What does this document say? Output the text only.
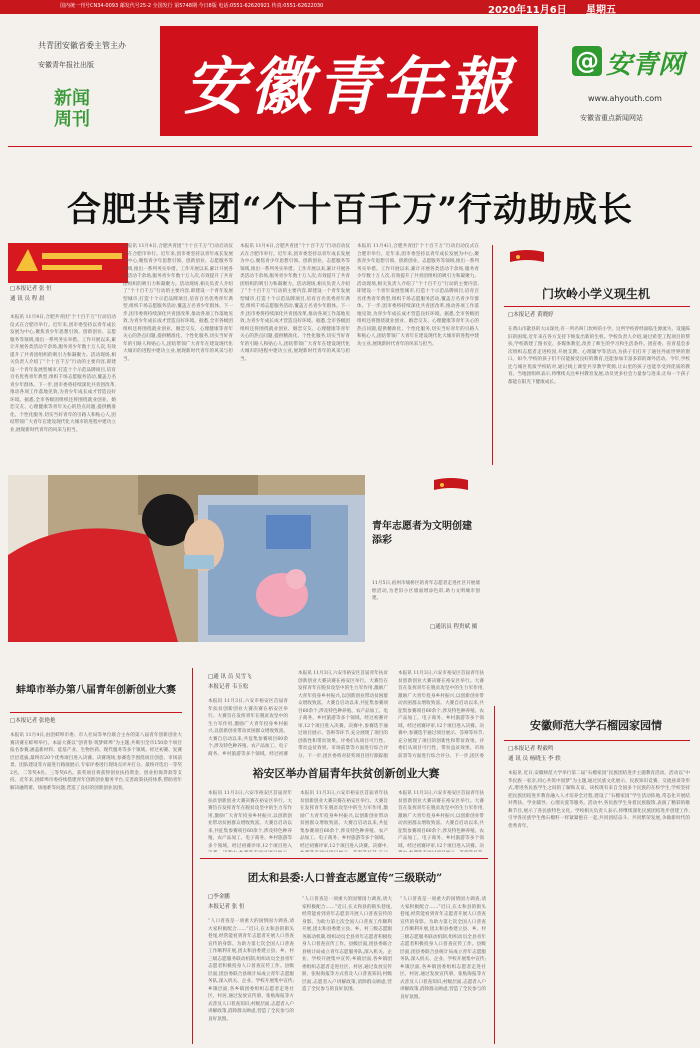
国内统一刊号CN34-0093 邮发代号25-2 全国发行 第5748期 今日8版 电话:0551-62620921 传真:0551-62622030	2020年11月6日 星期五
共青团安徽省委主管主办
安徽青年报社出版
新闻周刊 安徽青年報	@ 安青网
www.ahyouth.com
安徽省重点新闻网站
合肥共青团“个十百千万”行动助成长
□本报记者 张 恒
通 讯 员 程 晨
本报讯 11月4日,合肥共青团“个十百千万”行动启动仪式在合肥市举行。近年来,团市委坚持以青年成长发展为中心,聚焦青少年思想引领、创新创业、志愿服务等领域,推出一系列务实举措。工作开展以来,累计开展各类活动千余场,服务青少年数十万人次,有效提升了共青团组织的吸引力和凝聚力。活动现场,相关负责人介绍了“个十百千万”行动的主要内容,即建设一个青年发展型城市,打造十个示范品牌项目,培育百名优秀青年典型,组织千场志愿服务活动,覆盖万名青少年群体。下一步,团市委将持续深化共青团改革,推动各项工作落地见效,为青少年成长成才营造良好环境。据悉,全市各级团组织还将围绕就业创业、婚恋交友、心理健康等青年关心的热点问题,提供精准化、个性化服务,切实当好青年的引路人和贴心人,团结带领广大青年在建设现代化大城市的进程中建功立业,展现新时代青年的风采与担当。
本报讯 11月4日,合肥共青团“个十百千万”行动启动仪式在合肥市举行。近年来,团市委坚持以青年成长发展为中心,聚焦青少年思想引领、创新创业、志愿服务等领域,推出一系列务实举措。工作开展以来,累计开展各类活动千余场,服务青少年数十万人次,有效提升了共青团组织的吸引力和凝聚力。活动现场,相关负责人介绍了“个十百千万”行动的主要内容,即建设一个青年发展型城市,打造十个示范品牌项目,培育百名优秀青年典型,组织千场志愿服务活动,覆盖万名青少年群体。下一步,团市委将持续深化共青团改革,推动各项工作落地见效,为青少年成长成才营造良好环境。据悉,全市各级团组织还将围绕就业创业、婚恋交友、心理健康等青年关心的热点问题,提供精准化、个性化服务,切实当好青年的引路人和贴心人,团结带领广大青年在建设现代化大城市的进程中建功立业,展现新时代青年的风采与担当。
本报讯 11月4日,合肥共青团“个十百千万”行动启动仪式在合肥市举行。近年来,团市委坚持以青年成长发展为中心,聚焦青少年思想引领、创新创业、志愿服务等领域,推出一系列务实举措。工作开展以来,累计开展各类活动千余场,服务青少年数十万人次,有效提升了共青团组织的吸引力和凝聚力。活动现场,相关负责人介绍了“个十百千万”行动的主要内容,即建设一个青年发展型城市,打造十个示范品牌项目,培育百名优秀青年典型,组织千场志愿服务活动,覆盖万名青少年群体。下一步,团市委将持续深化共青团改革,推动各项工作落地见效,为青少年成长成才营造良好环境。据悉,全市各级团组织还将围绕就业创业、婚恋交友、心理健康等青年关心的热点问题,提供精准化、个性化服务,切实当好青年的引路人和贴心人,团结带领广大青年在建设现代化大城市的进程中建功立业,展现新时代青年的风采与担当。
本报讯 11月4日,合肥共青团“个十百千万”行动启动仪式在合肥市举行。近年来,团市委坚持以青年成长发展为中心,聚焦青少年思想引领、创新创业、志愿服务等领域,推出一系列务实举措。工作开展以来,累计开展各类活动千余场,服务青少年数十万人次,有效提升了共青团组织的吸引力和凝聚力。活动现场,相关负责人介绍了“个十百千万”行动的主要内容,即建设一个青年发展型城市,打造十个示范品牌项目,培育百名优秀青年典型,组织千场志愿服务活动,覆盖万名青少年群体。下一步,团市委将持续深化共青团改革,推动各项工作落地见效,为青少年成长成才营造良好环境。据悉,全市各级团组织还将围绕就业创业、婚恋交友、心理健康等青年关心的热点问题,提供精准化、个性化服务,切实当好青年的引路人和贴心人,团结带领广大青年在建设现代化大城市的进程中建功立业,展现新时代青年的风采与担当。
门坎岭小学义现生机
□本报记者 黄晓婷
在黄山市歙县的大山深处,有一所名叫门坎岭的小学。这所学校曾经面临生源流失、设施陈旧的困境,近年来在各方支持下焕发出新的生机。学校负责人介绍,通过希望工程项目的帮扶,学校新建了图书室、多媒体教室,改善了师生的学习和生活条件。团省委、省青基会多次组织志愿者走进校园,开展支教、心理辅导等活动,为孩子们打开了通往外面世界的窗口。如今,学校的孩子们不仅能接受良好的教育,还能参加丰富多彩的课外活动。今年,学校还与城区优质学校结对,通过线上课堂共享教学资源,让山里的孩子也能享受到优质的教育。当地团组织表示,将继续关注乡村教育发展,动员更多社会力量参与进来,让每一个孩子都能在阳光下健康成长。
青年志愿者为文明创建添彩
11月5日,宿州市埇桥区的青年志愿者走进社区开展墙绘活动,为老旧小区墙面增添色彩,助力文明城市创建。
□通讯员 程贵斌 摄
蚌埠市举办第八届青年创新创业大赛
□本报记者 张艳艳
本报讯 11月4日,由团蚌埠市委、市人社局等单位联合主办的第八届青年创新创业大赛决赛在蚌埠举行。本届大赛以“创青春·筑梦蚌埠”为主题,共吸引全市150余个项目报名参赛,涵盖新材料、硅基产业、生物医药、现代服务等多个领域。经过初赛、复赛层层选拔,最终有20个优秀项目进入决赛。决赛现场,参赛选手围绕项目创意、市场前景、团队建设等方面进行路演展示,专家评委进行现场点评并打分。最终评选出一等奖2名、二等奖4名、三等奖6名。获奖项目将获得创业扶持资金、创业担保贷款等支持。近年来,团蚌埠市委持续搭建青年创新创业服务平台,完善政策扶持体系,帮助青年解决融资难、场地难等问题,营造了良好的创新创业氛围。
□通 讯 员 吴雪飞
本报记者 韦玉松
本报讯 11月3日,六安市裕安区首届青年扶贫创新创业大赛决赛在裕安区举行。大赛旨在发挥青年在脱贫攻坚中的生力军作用,激励广大青年投身乡村振兴,以创新创业带动贫困群众增收致富。大赛自启动以来,共征集参赛项目60余个,涉及特色种养殖、农产品加工、电子商务、乡村旅游等多个领域。经过初赛
本报讯 11月3日,六安市裕安区首届青年扶贫创新创业大赛决赛在裕安区举行。大赛旨在发挥青年在脱贫攻坚中的生力军作用,激励广大青年投身乡村振兴,以创新创业带动贫困群众增收致富。大赛自启动以来,共征集参赛项目60余个,涉及特色种养殖、农产品加工、电子商务、乡村旅游等多个领域。经过初赛评审,12个项目进入决赛。决赛中,参赛选手通过项目展示、答辩等环节,充分展现了项目的创新性和带贫效果。评委们从项目可行性、带贫益贫效果、市场前景等方面进行综合评分。下一步,团区委将对获奖项目进行跟踪服
本报讯 11月3日,六安市裕安区首届青年扶贫创新创业大赛决赛在裕安区举行。大赛旨在发挥青年在脱贫攻坚中的生力军作用,激励广大青年投身乡村振兴,以创新创业带动贫困群众增收致富。大赛自启动以来,共征集参赛项目60余个,涉及特色种养殖、农产品加工、电子商务、乡村旅游等多个领域。经过初赛评审,12个项目进入决赛。决赛中,参赛选手通过项目展示、答辩等环节,充分展现了项目的创新性和带贫效果。评委们从项目可行性、带贫益贫效果、市场前景等方面进行综合评分。下一步,团区委
裕安区举办首届青年扶贫创新创业大赛
本报讯 11月3日,六安市裕安区首届青年扶贫创新创业大赛决赛在裕安区举行。大赛旨在发挥青年在脱贫攻坚中的生力军作用,激励广大青年投身乡村振兴,以创新创业带动贫困群众增收致富。大赛自启动以来,共征集参赛项目60余个,涉及特色种养殖、农产品加工、电子商务、乡村旅游等多个领域。经过初赛评审,12个项目进入
本报讯 11月3日,六安市裕安区首届青年扶贫创新创业大赛决赛在裕安区举行。大赛旨在发挥青年在脱贫攻坚中的生力军作用,激励广大青年投身乡村振兴,以创新创业带动贫困群众增收致富。大赛自启动以来,共征集参赛项目60余个,涉及特色种养殖、农产品加工、电子商务、乡村旅游等多个领域。经过初赛评审,12个项目进入决赛。决赛中,
本报讯 11月3日,六安市裕安区首届青年扶贫创新创业大赛决赛在裕安区举行。大赛旨在发挥青年在脱贫攻坚中的生力军作用,激励广大青年投身乡村振兴,以创新创业带动贫困群众增收致富。大赛自启动以来,共征集参赛项目60余个,涉及特色种养殖、农产品加工、电子商务、乡村旅游等多个领域。经过初赛评审,12个项目进入决赛。决
团太和县委:人口普查志愿宣传“三级联动”
□李金鹏
本报记者 张 恒
“人口普查是一项重大的国情国力调查,请大家积极配合……”近日,在太和县的街头巷尾,经常能看到青年志愿者开展人口普查宣传的身影。为助力第七次全国人口普查工作顺利开展,团太和县委建立县、乡、村三级志愿服务联动机制,组织动员全县青年志愿者积极投身人口普查宣传工作。县级层面,团县委联合县统计局成立青年志愿服务队,深入机关、企业、学校开展集中宣传;乡镇层面,各乡镇团委组织志愿者走进社区、村居,通过发放宣传册、张贴海报等方式普及人口普查知识;村级层面,志愿者入户讲解政策,消除群众顾虑,营造了全民参与的良好氛围。
“人口普查是一项重大的国情国力调查,请大家积极配合……”近日,在太和县的街头巷尾,经常能看到青年志愿者开展人口普查宣传的身影。为助力第七次全国人口普查工作顺利开展,团太和县委建立县、乡、村三级志愿服务联动机制,组织动员全县青年志愿者积极投身人口普查宣传工作。县级层面,团县委联合县统计局成立青年志愿服务队,深入机关、企业、学校开展集中宣传;乡镇层面,各乡镇团委组织志愿者走进社区、村居,通过发放宣传册、张贴海报等方式普及人口普查知识;村级层面,志愿者入户讲解政策,消除群众顾虑,营造了全民参与的良好氛围。
“人口普查是一项重大的国情国力调查,请大家积极配合……”近日,在太和县的街头巷尾,经常能看到青年志愿者开展人口普查宣传的身影。为助力第七次全国人口普查工作顺利开展,团太和县委建立县、乡、村三级志愿服务联动机制,组织动员全县青年志愿者积极投身人口普查宣传工作。县级层面,团县委联合县统计局成立青年志愿服务队,深入机关、企业、学校开展集中宣传;乡镇层面,各乡镇团委组织志愿者走进社区、村居,通过发放宣传册、张贴海报等方式普及人口普查知识;村级层面,志愿者入户讲解政策,消除群众顾虑,营造了全民参与的良好氛围。
安徽师范大学石榴园家园情
□本报记者 程毅鸣
通 讯 员 杨晓玉 李 轶
本报讯 近日,安徽师范大学举行第二届“石榴家园”民族团结进步主题教育活动。活动以“中华民族一家亲,同心共筑中国梦”为主题,通过民族文化展示、民族知识竞赛、交流座谈等形式,增进各民族学生之间的了解和友谊。该校现有来自全国多个民族的在校学生,学校坚持把民族团结进步教育融入人才培养全过程,建设了“石榴家园”学生活动阵地,常态化开展结对帮扶、学业辅导、心理关爱等服务。活动中,各民族学生身着民族服饰,表演了精彩的歌舞节目,展示了各民族特色文化。学校相关负责人表示,将继续深化民族团结进步创建工作,引导各民族学生像石榴籽一样紧紧抱在一起,共同团结奋斗、共同繁荣发展,争做新时代的优秀青年。
